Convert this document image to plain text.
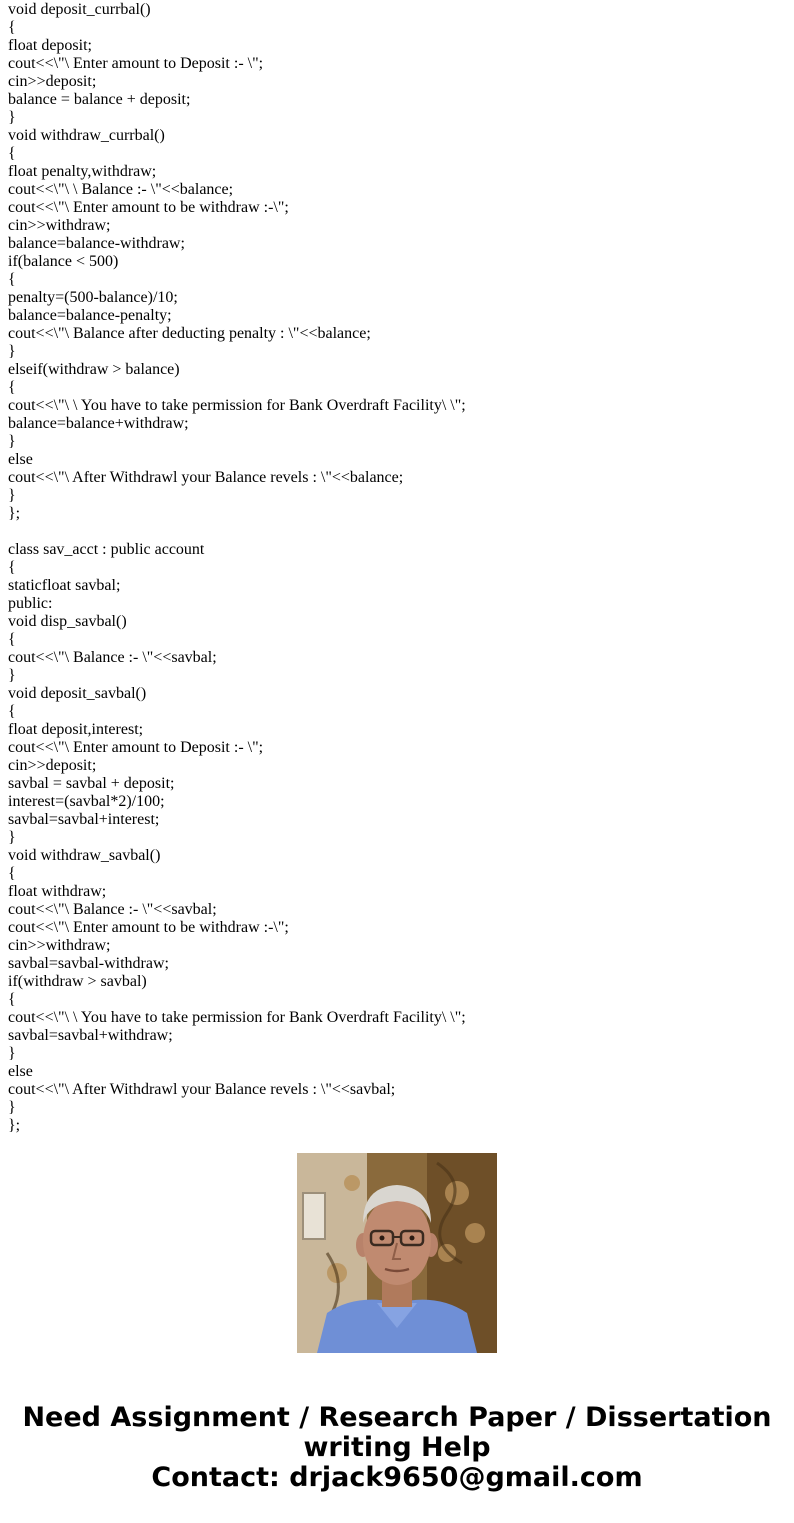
void deposit_currbal()
{
float deposit;
cout<<\"\ Enter amount to Deposit :- \";
cin>>deposit;
balance = balance + deposit;
}
void withdraw_currbal()
{
float penalty,withdraw;
cout<<\"\ \ Balance :- \"<<balance;
cout<<\"\ Enter amount to be withdraw :-\";
cin>>withdraw;
balance=balance-withdraw;
if(balance < 500)
{
penalty=(500-balance)/10;
balance=balance-penalty;
cout<<\"\ Balance after deducting penalty : \"<<balance;
}
elseif(withdraw > balance)
{
cout<<\"\ \ You have to take permission for Bank Overdraft Facility\ \";
balance=balance+withdraw;
}
else
cout<<\"\ After Withdrawl your Balance revels : \"<<balance;
}
};
class sav_acct : public account
{
staticfloat savbal;
public:
void disp_savbal()
{
cout<<\"\ Balance :- \"<<savbal;
}
void deposit_savbal()
{
float deposit,interest;
cout<<\"\ Enter amount to Deposit :- \";
cin>>deposit;
savbal = savbal + deposit;
interest=(savbal*2)/100;
savbal=savbal+interest;
}
void withdraw_savbal()
{
float withdraw;
cout<<\"\ Balance :- \"<<savbal;
cout<<\"\ Enter amount to be withdraw :-\";
cin>>withdraw;
savbal=savbal-withdraw;
if(withdraw > savbal)
{
cout<<\"\ \ You have to take permission for Bank Overdraft Facility\ \";
savbal=savbal+withdraw;
}
else
cout<<\"\ After Withdrawl your Balance revels : \"<<savbal;
}
};
Need Assignment / Research Paper / Dissertation
writing Help
Contact: drjack9650@gmail.com
